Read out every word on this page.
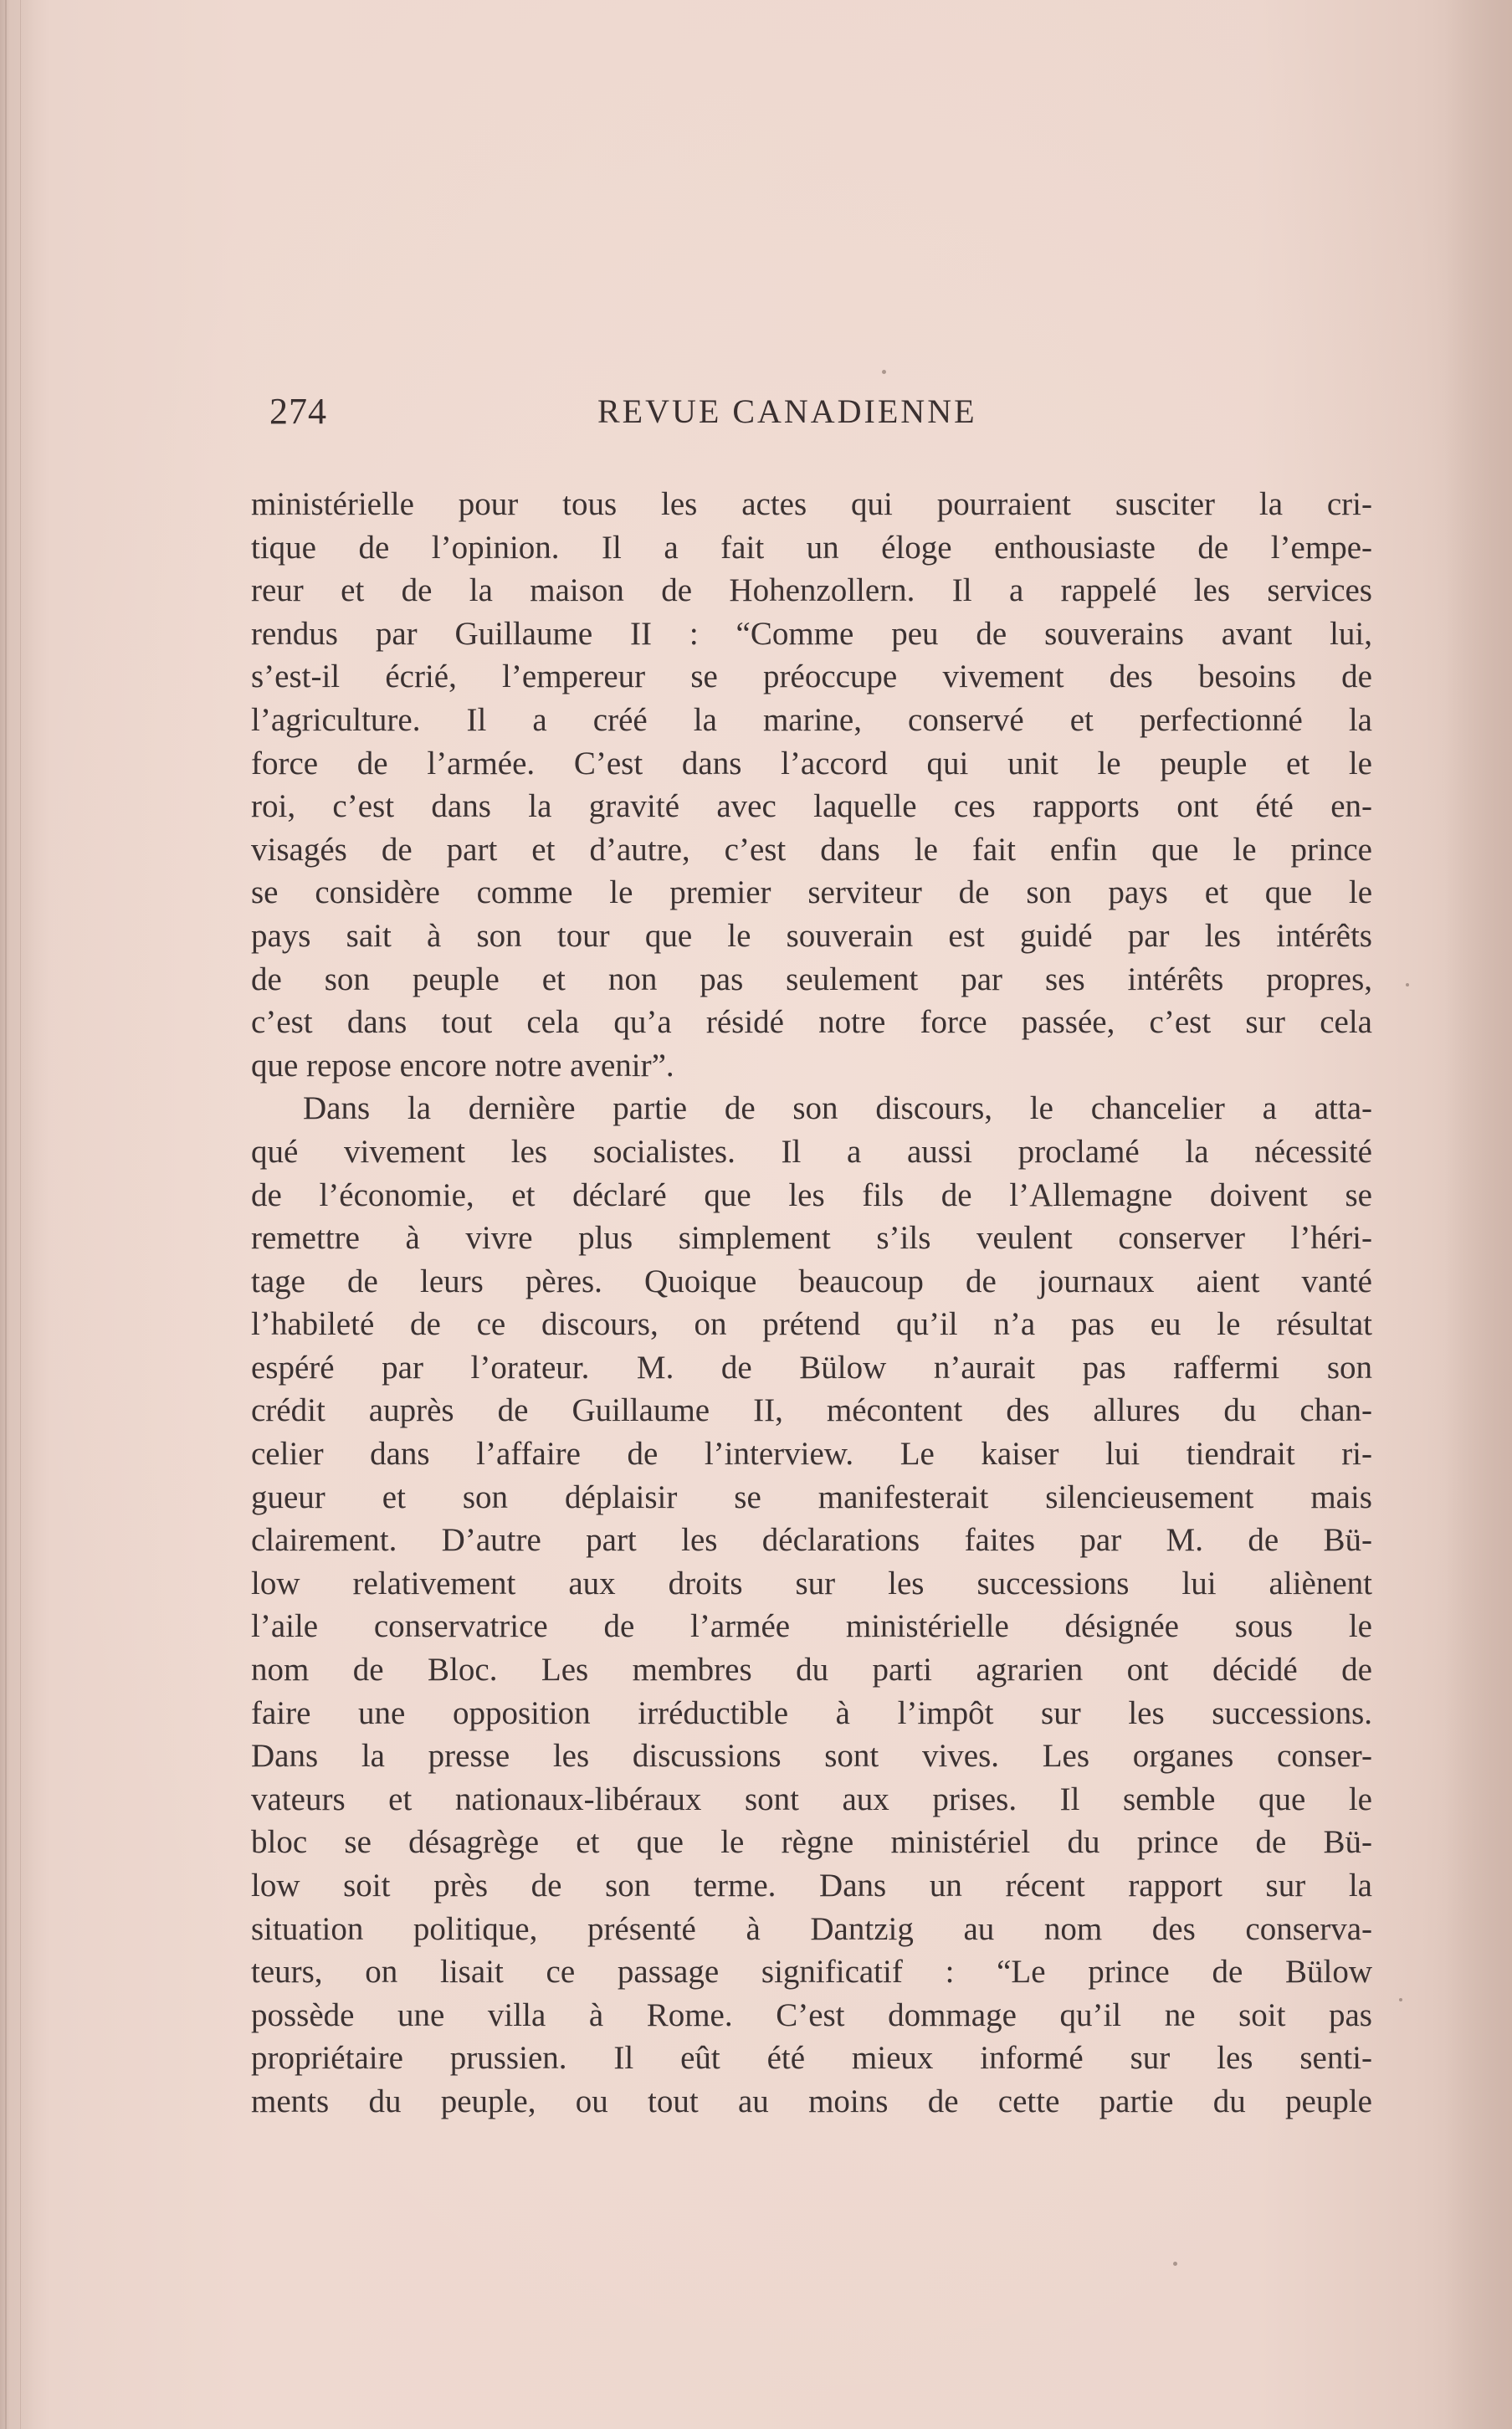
274	REVUE CANADIENNE
ministérielle pour tous les actes qui pourraient susciter la cri-
tique de l’opinion. Il a fait un éloge enthousiaste de l’empe-
reur et de la maison de Hohenzollern. Il a rappelé les services
rendus par Guillaume II : “Comme peu de souverains avant lui,
s’est-il écrié, l’empereur se préoccupe vivement des besoins de
l’agriculture. Il a créé la marine, conservé et perfectionné la
force de l’armée. C’est dans l’accord qui unit le peuple et le
roi, c’est dans la gravité avec laquelle ces rapports ont été en-
visagés de part et d’autre, c’est dans le fait enfin que le prince
se considère comme le premier serviteur de son pays et que le
pays sait à son tour que le souverain est guidé par les intérêts
de son peuple et non pas seulement par ses intérêts propres,
c’est dans tout cela qu’a résidé notre force passée, c’est sur cela
que repose encore notre avenir”.
Dans la dernière partie de son discours, le chancelier a atta-
qué vivement les socialistes. Il a aussi proclamé la nécessité
de l’économie, et déclaré que les fils de l’Allemagne doivent se
remettre à vivre plus simplement s’ils veulent conserver l’héri-
tage de leurs pères. Quoique beaucoup de journaux aient vanté
l’habileté de ce discours, on prétend qu’il n’a pas eu le résultat
espéré par l’orateur. M. de Bülow n’aurait pas raffermi son
crédit auprès de Guillaume II, mécontent des allures du chan-
celier dans l’affaire de l’interview. Le kaiser lui tiendrait ri-
gueur et son déplaisir se manifesterait silencieusement mais
clairement. D’autre part les déclarations faites par M. de Bü-
low relativement aux droits sur les successions lui aliènent
l’aile conservatrice de l’armée ministérielle désignée sous le
nom de Bloc. Les membres du parti agrarien ont décidé de
faire une opposition irréductible à l’impôt sur les successions.
Dans la presse les discussions sont vives. Les organes conser-
vateurs et nationaux-libéraux sont aux prises. Il semble que le
bloc se désagrège et que le règne ministériel du prince de Bü-
low soit près de son terme. Dans un récent rapport sur la
situation politique, présenté à Dantzig au nom des conserva-
teurs, on lisait ce passage significatif : “Le prince de Bülow
possède une villa à Rome. C’est dommage qu’il ne soit pas
propriétaire prussien. Il eût été mieux informé sur les senti-
ments du peuple, ou tout au moins de cette partie du peuple
